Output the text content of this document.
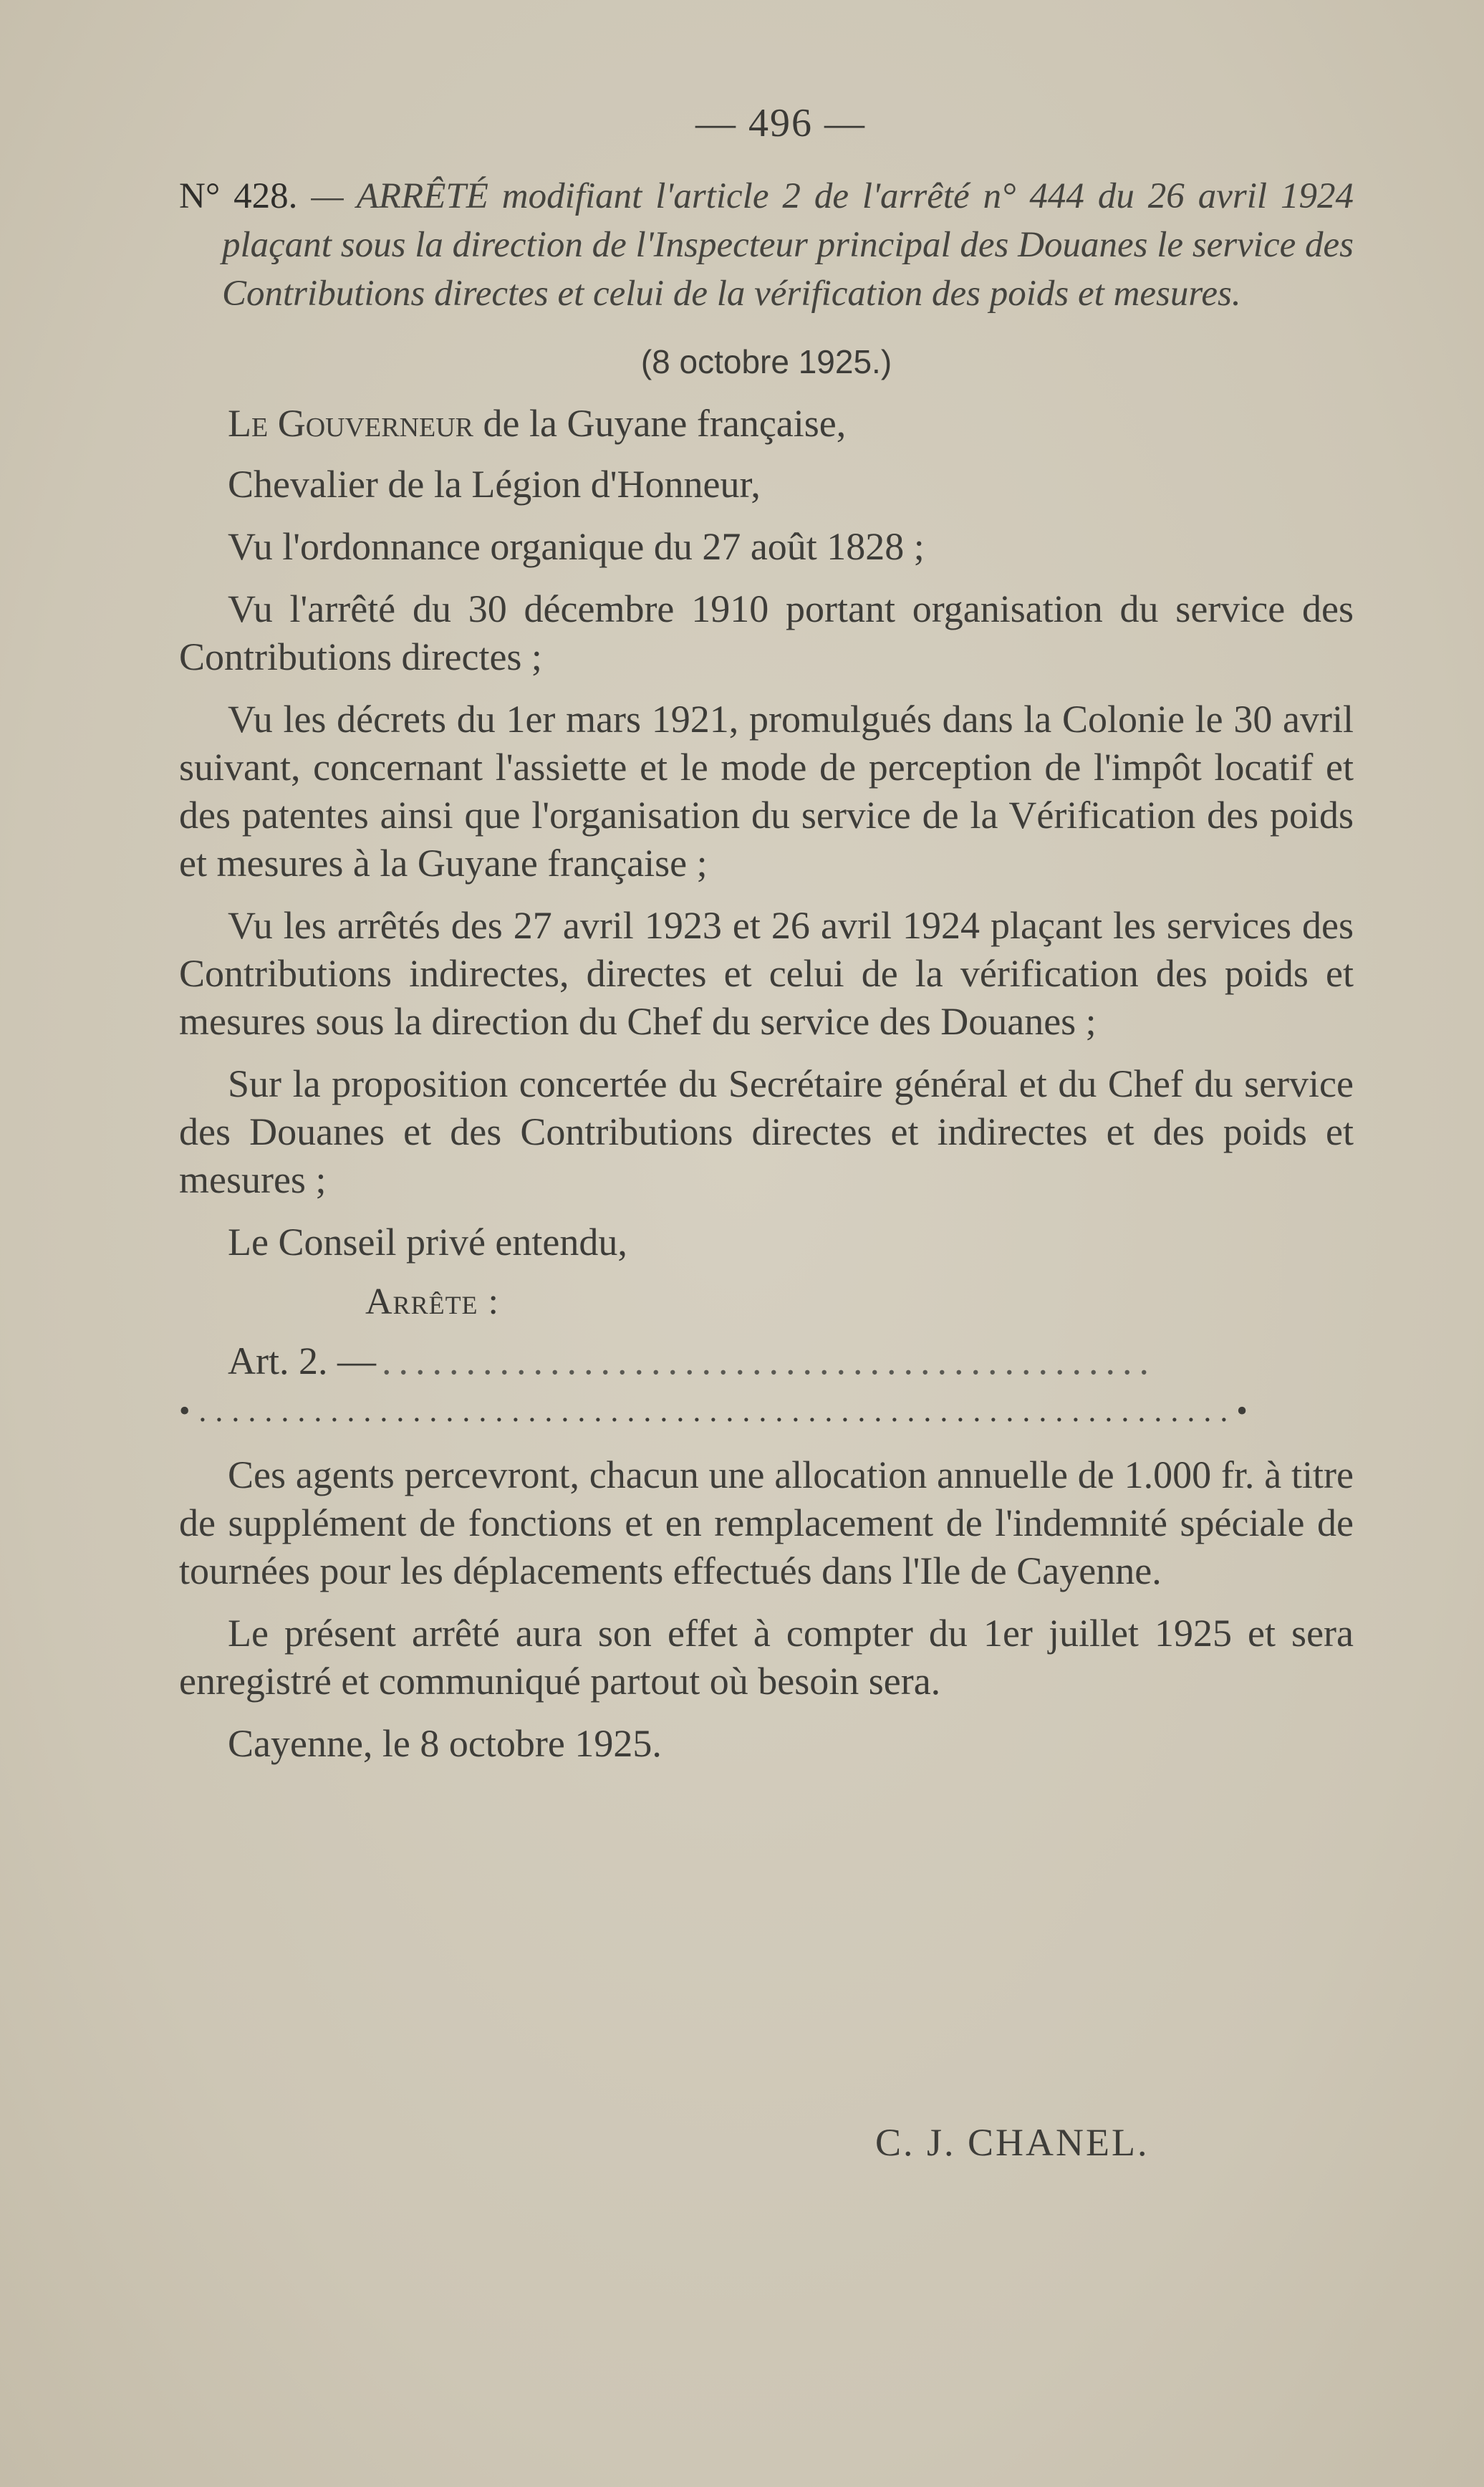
— 496 —
N° 428. — ARRÊTÉ modifiant l'article 2 de l'arrêté n° 444 du 26 avril 1924 plaçant sous la direction de l'Inspecteur principal des Douanes le service des Contributions directes et celui de la vérification des poids et mesures.
(8 octobre 1925.)

Le Gouverneur de la Guyane française,

Chevalier de la Légion d'Honneur,

Vu l'ordonnance organique du 27 août 1828 ;

Vu l'arrêté du 30 décembre 1910 portant organisation du service des Contributions directes ;

Vu les décrets du 1er mars 1921, promulgués dans la Colonie le 30 avril suivant, concernant l'assiette et le mode de perception de l'impôt locatif et des patentes ainsi que l'organisation du service de la Vérification des poids et mesures à la Guyane française ;

Vu les arrêtés des 27 avril 1923 et 26 avril 1924 plaçant les services des Contributions indirectes, directes et celui de la vérification des poids et mesures sous la direction du Chef du service des Douanes ;

Sur la proposition concertée du Secrétaire général et du Chef du service des Douanes et des Contributions directes et indirectes et des poids et mesures ;

Le Conseil privé entendu,

Arrête :
Art. 2. — ..............................................
•...............................................................•

Ces agents percevront, chacun une allocation annuelle de 1.000 fr. à titre de supplément de fonctions et en remplacement de l'indemnité spéciale de tournées pour les déplacements effectués dans l'Ile de Cayenne.

Le présent arrêté aura son effet à compter du 1er juillet 1925 et sera enregistré et communiqué partout où besoin sera.

Cayenne, le 8 octobre 1925.

C. J. CHANEL.
